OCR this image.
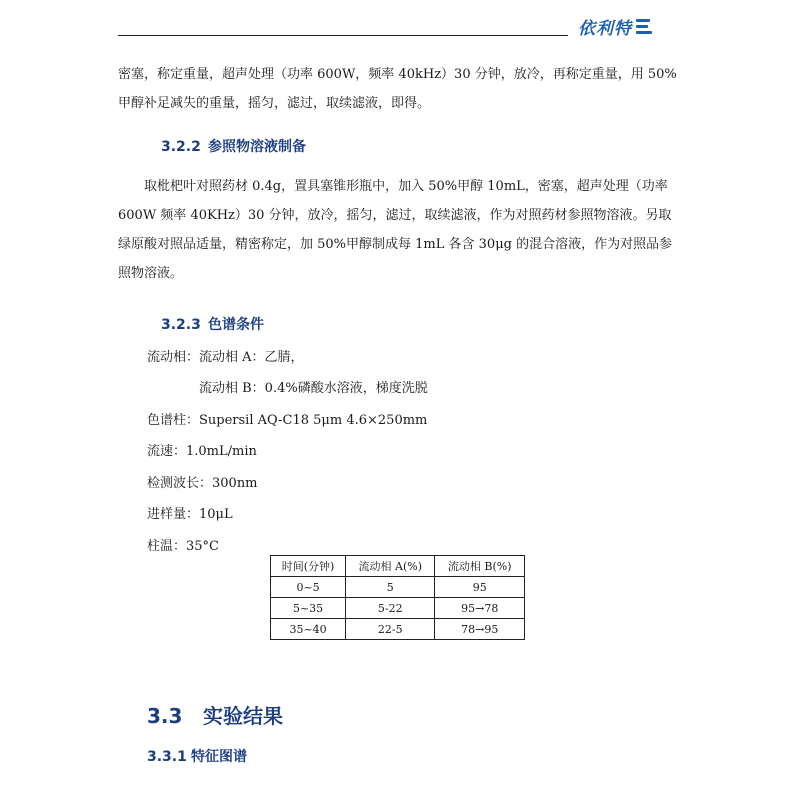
依利特

密塞，称定重量，超声处理（功率 600W，频率 40kHz）30 分钟，放冷，再称定重量，用 50%甲醇补足减失的重量，摇匀，滤过，取续滤液，即得。

3.2.2 参照物溶液制备

取枇杷叶对照药材 0.4g，置具塞锥形瓶中，加入 50%甲醇 10mL，密塞，超声处理（功率 600W 频率 40KHz）30 分钟，放冷，摇匀，滤过，取续滤液，作为对照药材参照物溶液。另取绿原酸对照品适量，精密称定，加 50%甲醇制成每 1mL 各含 30μg 的混合溶液，作为对照品参照物溶液。

3.2.3 色谱条件
流动相：流动相 A：乙腈，
流动相 B：0.4%磷酸水溶液，梯度洗脱
色谱柱：Supersil AQ-C18 5μm 4.6×250mm
流速：1.0mL/min
检测波长：300nm
进样量：10μL
柱温：35°C
时间(分钟)	流动相 A(%)	流动相 B(%)
0~5	5	95
5~35	5-22	95→78
35~40	22-5	78→95
3.3 实验结果
3.3.1 特征图谱
